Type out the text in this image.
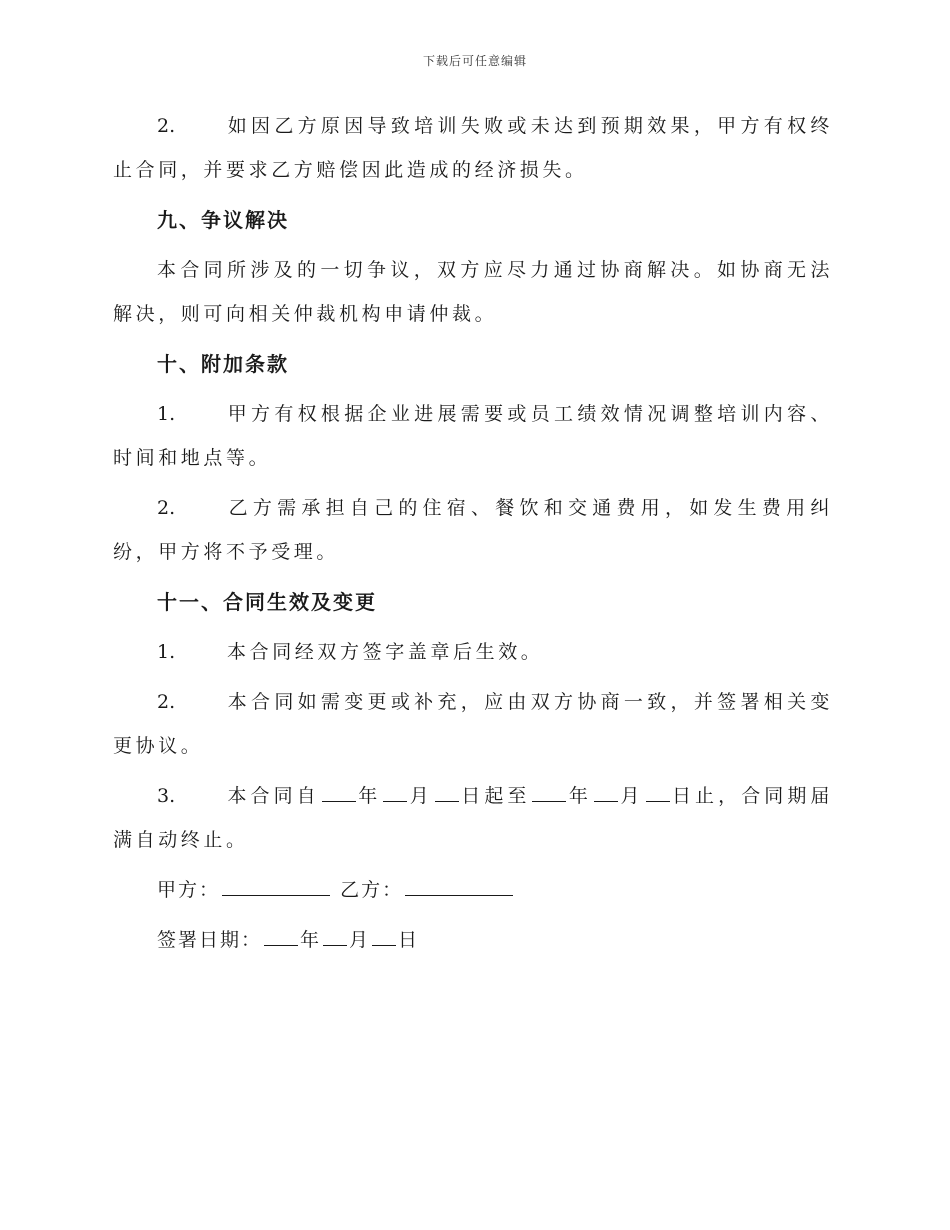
下载后可任意编辑

2.	如因乙方原因导致培训失败或未达到预期效果，甲方有权终止合同，并要求乙方赔偿因此造成的经济损失。

九、争议解决

本合同所涉及的一切争议，双方应尽力通过协商解决。如协商无法解决，则可向相关仲裁机构申请仲裁。

十、附加条款

1.	甲方有权根据企业进展需要或员工绩效情况调整培训内容、时间和地点等。

2.	乙方需承担自己的住宿、餐饮和交通费用，如发生费用纠纷，甲方将不予受理。

十一、合同生效及变更

1.	本合同经双方签字盖章后生效。

2.	本合同如需变更或补充，应由双方协商一致，并签署相关变更协议。

3.	本合同自 年 月 日起至 年 月 日止，合同期届满自动终止。

甲方：	乙方：
签署日期： 年 月 日
